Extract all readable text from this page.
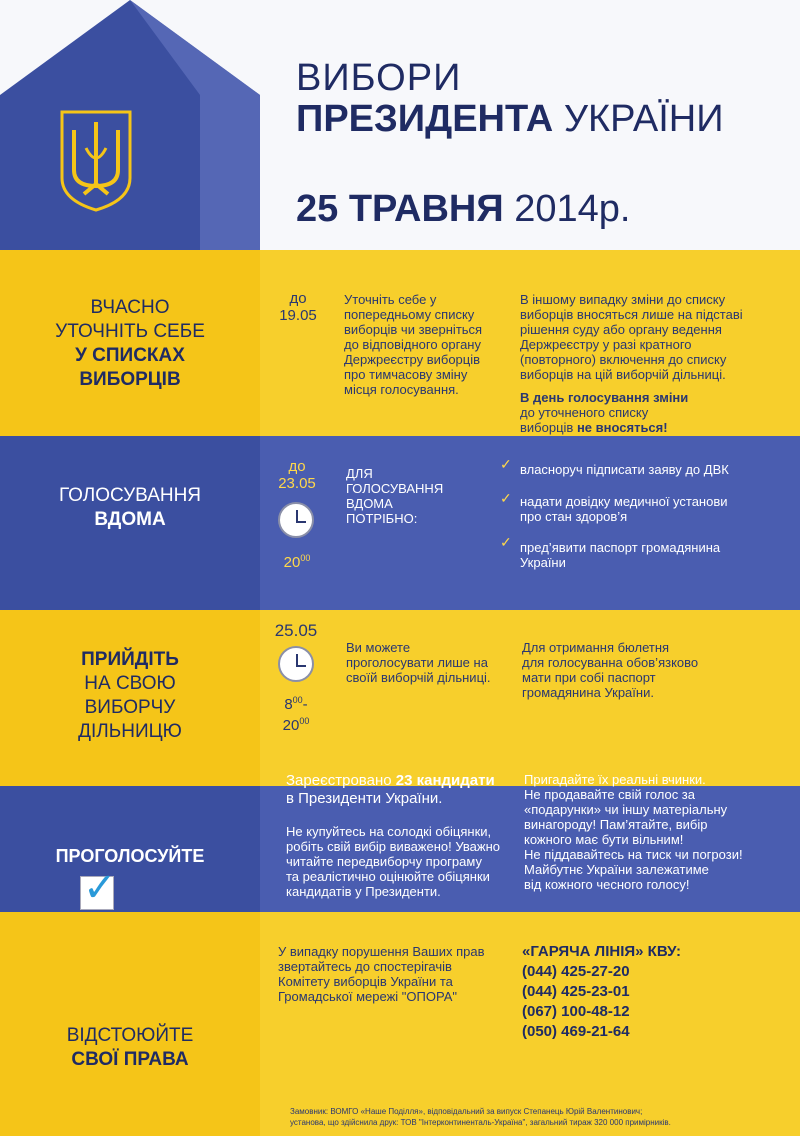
ВИБОРИ
ПРЕЗИДЕНТА УКРАЇНИ
25 ТРАВНЯ 2014р.
ВЧАСНО
УТОЧНІТЬ СЕБЕ
У СПИСКАХ
ВИБОРЦІВ
до
19.05
Уточніть себе у
попередньому списку
виборців чи зверніться
до відповідного органу
Держреєстру виборців
про тимчасову зміну
місця голосування.
В іншому випадку зміни до списку
виборців вносяться лише на підставі
рішення суду або органу ведення
Держреєстру у разі кратного
(повторного) включення до списку
виборців на цій виборчій дільниці.
В день голосування зміни
до уточненого списку
виборців не вносяться!
ГОЛОСУВАННЯ
ВДОМА
до
23.05
$20^{00}$
ДЛЯ
ГОЛОСУВАННЯ
ВДОМА
ПОТРІБНО:
✓ власноруч підписати заяву до ДВК
✓ надати довідку медичної установи
про стан здоров’я
✓ пред’явити паспорт громадянина
України
ПРИЙДІТЬ
НА СВОЮ
ВИБОРЧУ
ДІЛЬНИЦЮ
25.05
$8^{00}-$
$20^{00}$
Ви можете
проголосувати лише на
своїй виборчій дільниці.
Для отримання бюлетня
для голосуванна обов’язково
мати при собі паспорт
громадянина України.
ПРОГОЛОСУЙТЕ
✓
Зареєстровано 23 кандидати
в Президенти України.
Не купуйтесь на солодкі обіцянки,
робіть свій вибір виважено! Уважно
читайте передвиборчу програму
та реалістично оцінюйте обіцянки
кандидатів у Президенти.
Пригадайте їх реальні вчинки.
Не продавайте свій голос за
«подарунки» чи іншу матеріальну
винагороду! Пам’ятайте, вибір
кожного має бути вільним!
Не піддавайтесь на тиск чи погрози!
Майбутнє України залежатиме
від кожного чесного голосу!
ВІДСТОЮЙТЕ
СВОЇ ПРАВА
У випадку порушення Ваших прав
звертайтесь до спостерігачів
Комітету виборців України та
Громадської мережі "ОПОРА"
«ГАРЯЧА ЛІНІЯ» КВУ:
(044) 425-27-20
(044) 425-23-01
(067) 100-48-12
(050) 469-21-64
Замовник: ВОМГО «Наше Поділля», відповідальний за випуск Степанець Юрій Валентинович;
установа, що здійснила друк: ТОВ "Інтерконтиненталь-Україна", загальний тираж 320 000 примірників.
